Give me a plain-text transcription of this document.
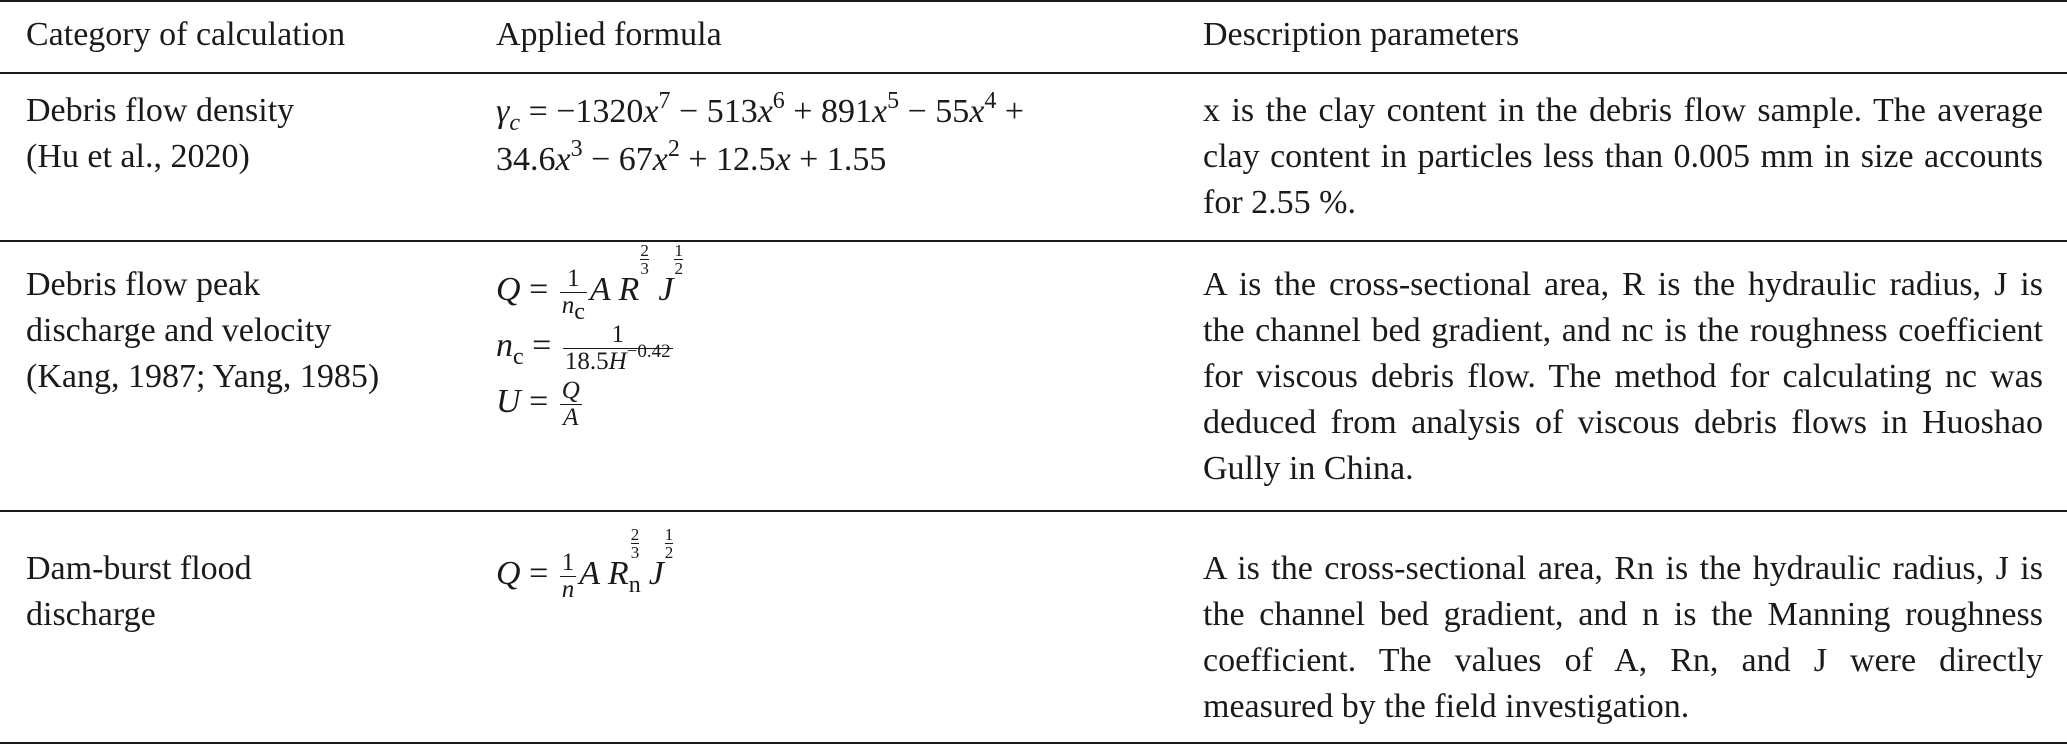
Category of calculation	Applied formula	Description parameters
Debris flow density
(Hu et al., 2020)
$\gamma_c = -1320x^7 - 513x^6 + 891x^5 - 55x^4$ +
$34.6x^3 - 67x^2 + 12.5x + 1.55$
x is the clay content in the debris flow sample. The average clay content in particles less than 0.005 mm in size accounts for 2.55 %.
Debris flow peak
discharge and velocity
(Kang, 1987; Yang, 1985)
$Q = \frac{1}{n_c}$ A R
$\frac{2}{3}$
J
$\frac{1}{2}$
$n_c = \frac{1}{18.5H^{-0.42}}$
$U = \frac{Q}{A}$
A is the cross-sectional area, R is the hydraulic radius, J is the channel bed gradient, and nc is the roughness coefficient for viscous debris flow. The method for calculating nc was deduced from analysis of viscous debris flows in Huoshao Gully in China.
Dam-burst flood
discharge
$Q = \frac{1}{n}$ A $R_n$
$\frac{2}{3}$
J
$\frac{1}{2}$
A is the cross-sectional area, Rn is the hydraulic radius, J is the channel bed gradient, and n is the Manning roughness coefficient. The values of A, Rn, and J were directly measured by the field investigation.
